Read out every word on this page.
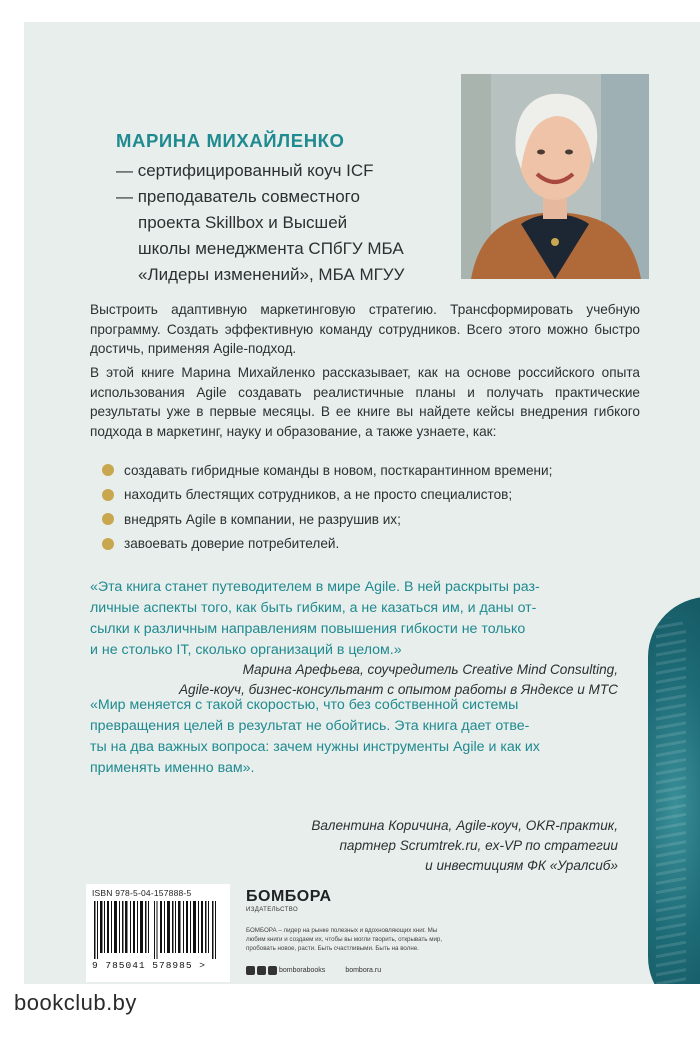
МАРИНА МИХАЙЛЕНКО
— сертифицированный коуч ICF
— преподаватель совместного
проекта Skillbox и Высшей
школы менеджмента СПбГУ МБА
«Лидеры изменений», МБА МГУУ

Выстроить адаптивную маркетинговую стратегию. Трансформировать учебную программу. Создать эффективную команду сотрудников. Всего этого можно быстро достичь, применяя Agile-подход.

В этой книге Марина Михайленко рассказывает, как на основе российского опыта использования Agile создавать реалистичные планы и получать практические результаты уже в первые месяцы. В ее книге вы найдете кейсы внедрения гибкого подхода в маркетинг, науку и образование, а также узнаете, как:

создавать гибридные команды в новом, посткарантинном времени;
находить блестящих сотрудников, а не просто специалистов;
внедрять Agile в компании, не разрушив их;
завоевать доверие потребителей.
«Эта книга станет путеводителем в мире Agile. В ней раскрыты раз-
личные аспекты того, как быть гибким, а не казаться им, и даны от-
сылки к различным направлениям повышения гибкости не только
и не столько IT, сколько организаций в целом.»
Марина Арефьева, соучредитель Creative Mind Consulting,
Agile-коуч, бизнес-консультант с опытом работы в Яндексе и МТС
«Мир меняется с такой скоростью, что без собственной системы
превращения целей в результат не обойтись. Эта книга дает отве-
ты на два важных вопроса: зачем нужны инструменты Agile и как их
применять именно вам».
Валентина Коричина, Agile-коуч, OKR-практик,
партнер Scrumtrek.ru, ex-VP по стратегии
и инвестициям ФК «Уралсиб»
ISBN 978-5-04-157888-5
9 785041 578985 >
БОМБОРА
ИЗДАТЕЛЬСТВО

БОМБОРА – лидер на рынке полезных и вдохновляющих книг. Мы любим книги и создаем их, чтобы вы могли творить, открывать мир, пробовать новое, расти. Быть счастливыми. Быть на волне.

bomborabooks	bombora.ru
bookclub.by
